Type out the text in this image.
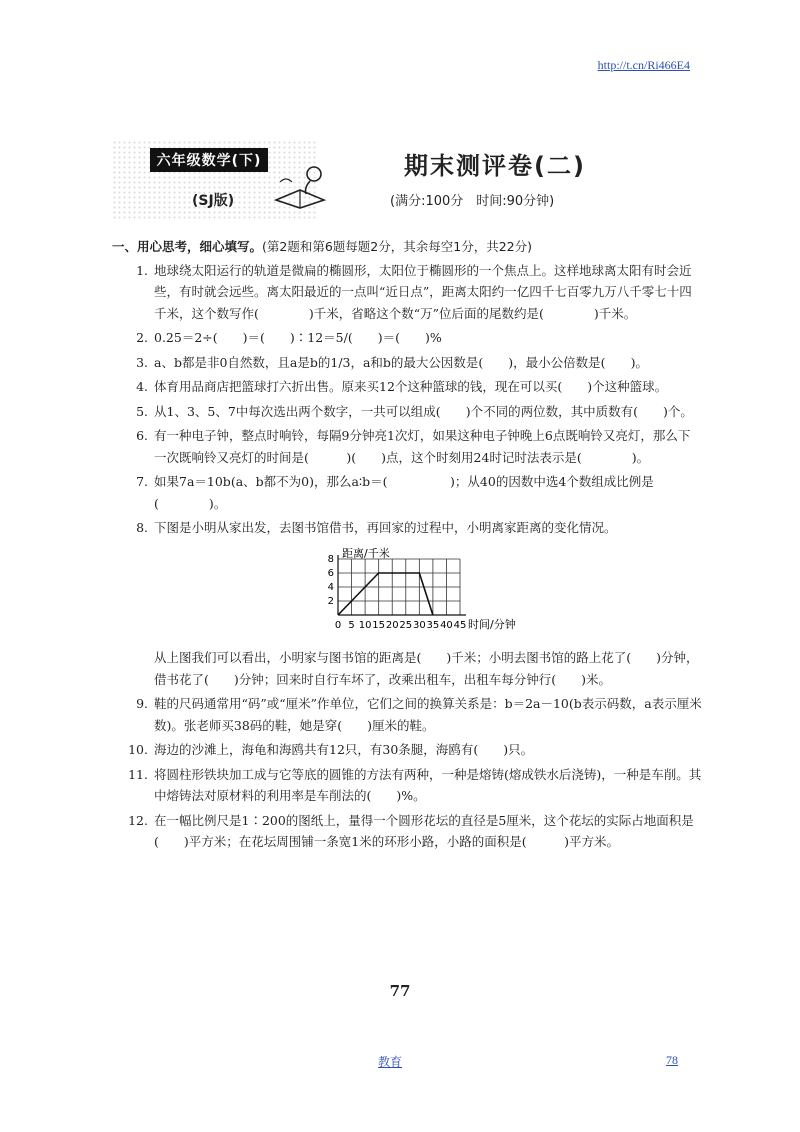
http://t.cn/Ri466E4
六年级数学(下)
(SJ版)
期末测评卷(二)
(满分:100分　时间:90分钟)
一、用心思考，细心填写。(第2题和第6题每题2分，其余每空1分，共22分)
1. 地球绕太阳运行的轨道是微扁的椭圆形，太阳位于椭圆形的一个焦点上。这样地球离太阳有时会近些，有时就会远些。离太阳最近的一点叫“近日点”，距离太阳约一亿四千七百零九万八千零七十四千米，这个数写作(　　　　)千米，省略这个数“万”位后面的尾数约是(　　　　)千米。
2. 0.25＝2÷(　　)＝(　　)∶12＝5/(　　)＝(　　)%
3. a、b都是非0自然数，且a是b的1/3，a和b的最大公因数是(　　)，最小公倍数是(　　)。
4. 体育用品商店把篮球打六折出售。原来买12个这种篮球的钱，现在可以买(　　)个这种篮球。
5. 从1、3、5、7中每次选出两个数字，一共可以组成(　　)个不同的两位数，其中质数有(　　)个。
6. 有一种电子钟，整点时响铃，每隔9分钟亮1次灯，如果这种电子钟晚上6点既响铃又亮灯，那么下一次既响铃又亮灯的时间是(　　　)(　　)点，这个时刻用24时记时法表示是(　　　　)。
7. 如果7a＝10b(a、b都不为0)，那么a∶b＝(　　　　　)；从40的因数中选4个数组成比例是(　　　　)。
8. 下图是小明从家出发，去图书馆借书，再回家的过程中，小明离家距离的变化情况。
0 5 10 15 20 25 30 35 40 45
2
4
6
8 距离/千米
时间/分钟
从上图我们可以看出，小明家与图书馆的距离是(　　)千米；小明去图书馆的路上花了(　　)分钟，借书花了(　　)分钟；回来时自行车坏了，改乘出租车，出租车每分钟行(　　)米。
9. 鞋的尺码通常用“码”或“厘米”作单位，它们之间的换算关系是：b＝2a－10(b表示码数，a表示厘米数)。张老师买38码的鞋，她是穿(　　)厘米的鞋。
10. 海边的沙滩上，海龟和海鸥共有12只，有30条腿，海鸥有(　　)只。
11. 将圆柱形铁块加工成与它等底的圆锥的方法有两种，一种是熔铸(熔成铁水后浇铸)，一种是车削。其中熔铸法对原材料的利用率是车削法的(　　)%。
12. 在一幅比例尺是1∶200的图纸上，量得一个圆形花坛的直径是5厘米，这个花坛的实际占地面积是(　　)平方米；在花坛周围铺一条宽1米的环形小路，小路的面积是(　　　)平方米。
77
教育	78
